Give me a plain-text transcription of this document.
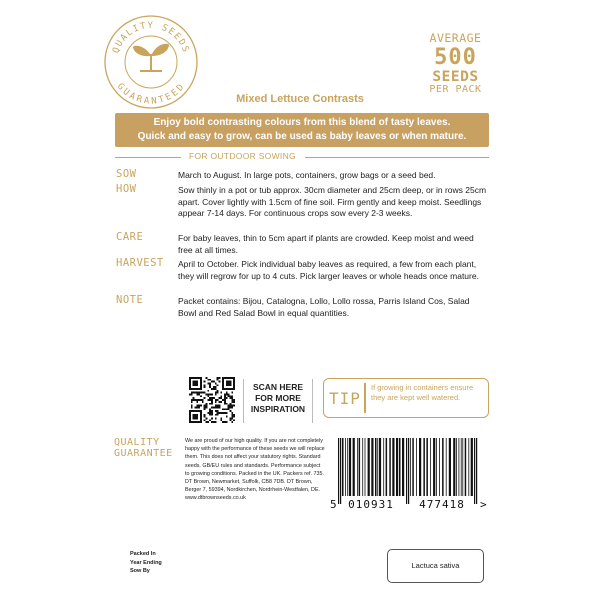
QUALITY SEEDS
GUARANTEED
Mixed Lettuce Contrasts
AVERAGE
500
SEEDS
PER PACK
Enjoy bold contrasting colours from this blend of tasty leaves.
Quick and easy to grow, can be used as baby leaves or when mature.
FOR OUTDOOR SOWING
SOW	March to August. In large pots, containers, grow bags or a seed bed.
HOW	Sow thinly in a pot or tub approx. 30cm diameter and 25cm deep, or in rows 25cm apart. Cover lightly with 1.5cm of fine soil. Firm gently and keep moist. Seedlings appear 7-14 days. For continuous crops sow every 2-3 weeks.
CARE	For baby leaves, thin to 5cm apart if plants are crowded. Keep moist and weed free at all times.
HARVEST April to October. Pick individual baby leaves as required, a few from each plant, they will regrow for up to 4 cuts. Pick larger leaves or whole heads once mature.
NOTE	Packet contains: Bijou, Catalogna, Lollo, Lollo rossa, Parris Island Cos, Salad Bowl and Red Salad Bowl in equal quantities.
SCAN HERE
FOR MORE
INSPIRATION
TIP
If growing in containers ensure they are kept well watered.
QUALITY
GUARANTEE
We are proud of our high quality. If you are not completely happy with the performance of these seeds we will replace them. This does not affect your statutory rights. Standard seeds. GB/EU rules and standards. Performance subject to growing conditions. Packed in the UK. Packers ref. 735. DT Brown, Newmarket, Suffolk, CB8 7DB. DT Brown, Berger 7, 59394, Nordkirchen, Nordrhein-Westfalen, DE. www.dtbrownseeds.co.uk	5 010931 477418 >
Packed In
Year Ending
Sow By
Lactuca sativa
